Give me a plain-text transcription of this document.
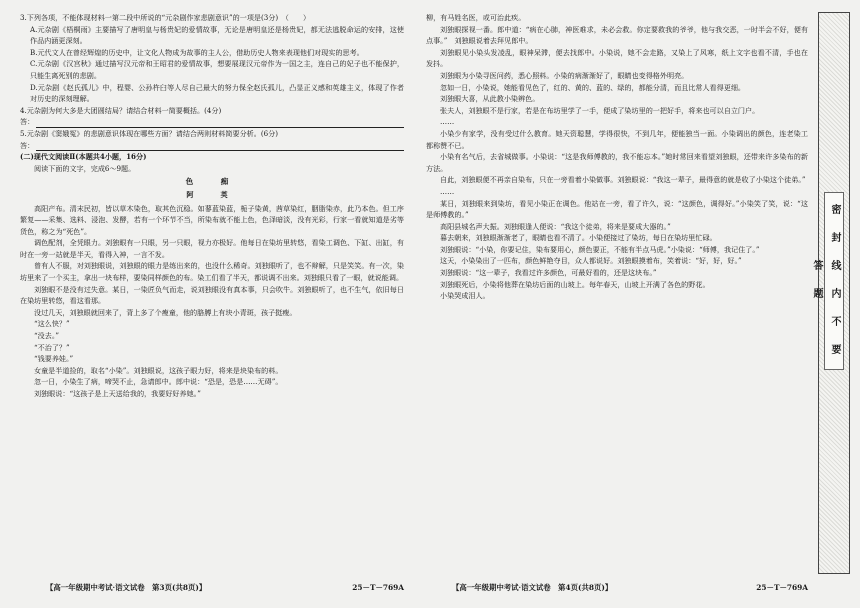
3.下列各项，不能体现材料一第二段中所说的“元杂剧作家悲剧意识”的一项是(3分)　（　　）

A.元杂剧《梧桐雨》主要描写了唐明皇与杨贵妃的爱情故事，无论是唐明皇还是杨贵妃，都无法逃脱命运的安排，这使作品内涵更深刻。

B.元代文人在曾经辉煌的历史中，让文化人物成为故事的主人公，借助历史人物来表现他们对现实的思考。

C.元杂剧《汉宫秋》通过描写汉元帝和王昭君的爱情故事，想要展现汉元帝作为一国之主，连自己的妃子也不能保护，只能生离死别的悲剧。

D.元杂剧《赵氏孤儿》中，程婴、公孙杵臼等人尽自己最大的努力保全赵氏孤儿，凸显正义感和英雄主义，体现了作者对历史的深刻理解。

4.元杂剧为何大多是大团圆结局？请结合材料一简要概括。(4分)

答：

5.元杂剧《窦娥冤》的悲剧意识体现在哪些方面？请结合两则材料简要分析。(6分)

答：

(二)现代文阅读Ⅱ(本题共4小题，16分)

阅读下面的文字，完成6～9题。

色　痴
阿　英

高阳产布。清末民初，皆以草木染色，取其色沉稳。如蓼蓝染蓝，栀子染黄，茜草染红，胭脂染赤，此乃本色。但工序繁复——采集、选料、浸泡、发酵，若有一个环节不当，所染布就不能上色，色泽暗淡，没有光彩，行家一看就知道是劣等货色，称之为“死色”。

调色配剂，全凭眼力。刘独眼有一只眼，另一只眼，视力亦极好。他每日在染坊里转悠，看染工调色、下缸、出缸，有时在一旁一站就是半天，看得入神，一言不发。

曾有人不服，对刘独眼说，刘独眼的眼力是练出来的，也没什么稀奇。刘独眼听了，也不辩解，只是笑笑。有一次，染坊里来了一个买主，拿出一块布样，要染同样颜色的布。染工们看了半天，都说调不出来。刘独眼只看了一眼，就说能调。

刘独眼不是没有过失意。某日，一染匠负气而走，说刘独眼没有真本事，只会吹牛。刘独眼听了，也不生气，依旧每日在染坊里转悠，看这看那。

没过几天，刘独眼就回来了，背上多了个瘦童，他的胳膊上有块小青斑，孩子挺瘦。

“这么快？”

“没去。”

“不治了？”

“钱要养娃。”

女童是半道捡的，取名“小染”。刘独眼说，这孩子眼力好，将来是块染布的料。

忽一日，小染生了病，啼哭不止，急请郎中。郎中说：“恐是，恐是……无碍”。

刘独眼说：“这孩子是上天送给我的，我要好好养她。”

柳，有马姓名医，或可治此疾。

刘独眼探视一番。郎中道：“病在心肺，神医难求，未必会救。你定要救我的爷爷，他与我交恶，一时半会不好，便有点事。”　刘独眼说着去拜见郎中。

刘独眼见小染头发凌乱，眼神呆滞，便去找郎中。小染说，她不会走路，又染上了风寒，纸上文字也看不清，手也在发抖。

刘独眼为小染寻医问药，悉心照料。小染的病渐渐好了，眼睛也变得格外明亮。

忽如一日，小染说，她能看见色了，红的、黄的、蓝的、绿的，都能分清，而且比常人看得更细。

刘独眼大喜，从此教小染辨色。

张夫人，刘独眼不是行家，若是在布坊里学了一手，便成了染坊里的一把好手，将来也可以自立门户。

……

小染少有家学，没有受过什么教育。她天资聪慧，学得很快，不到几年，便能独当一面。小染调出的颜色，连老染工都称赞不已。

小染有名气后，去省城做事。小染说：“这是我师傅教的，我不能忘本。”她时常回来看望刘独眼，还带来许多染布的新方法。

自此，刘独眼便不再亲自染布，只在一旁看着小染做事。刘独眼说：“我这一辈子，最得意的就是收了小染这个徒弟。”

……

某日，刘独眼来到染坊，看见小染正在调色。他站在一旁，看了许久，说：“这颜色，调得好。”小染笑了笑，说：“这是师傅教的。”

高阳县城名声大振。刘独眼逢人便说：“我这个徒弟，将来是要成大器的。”

暮去朝来，刘独眼渐渐老了，眼睛也看不清了。小染便接过了染坊，每日在染坊里忙碌。

刘独眼说：“小染，你要记住，染布要用心，颜色要正，不能有半点马虎。”小染说：“师傅，我记住了。”

这天，小染染出了一匹布，颜色鲜艳夺目，众人都说好。刘独眼摸着布，笑着说：“好，好，好。”

刘独眼说：“这一辈子，我看过许多颜色，可最好看的，还是这块布。”

刘独眼死后，小染将他葬在染坊后面的山坡上。每年春天，山坡上开满了各色的野花。

小染哭成泪人。

【高一年级期中考试·语文试卷　第3页(共8页)】	25－T－769A	【高一年级期中考试·语文试卷　第4页(共8页)】	25－T－769A
密　封　线　内　不　要　答　题
